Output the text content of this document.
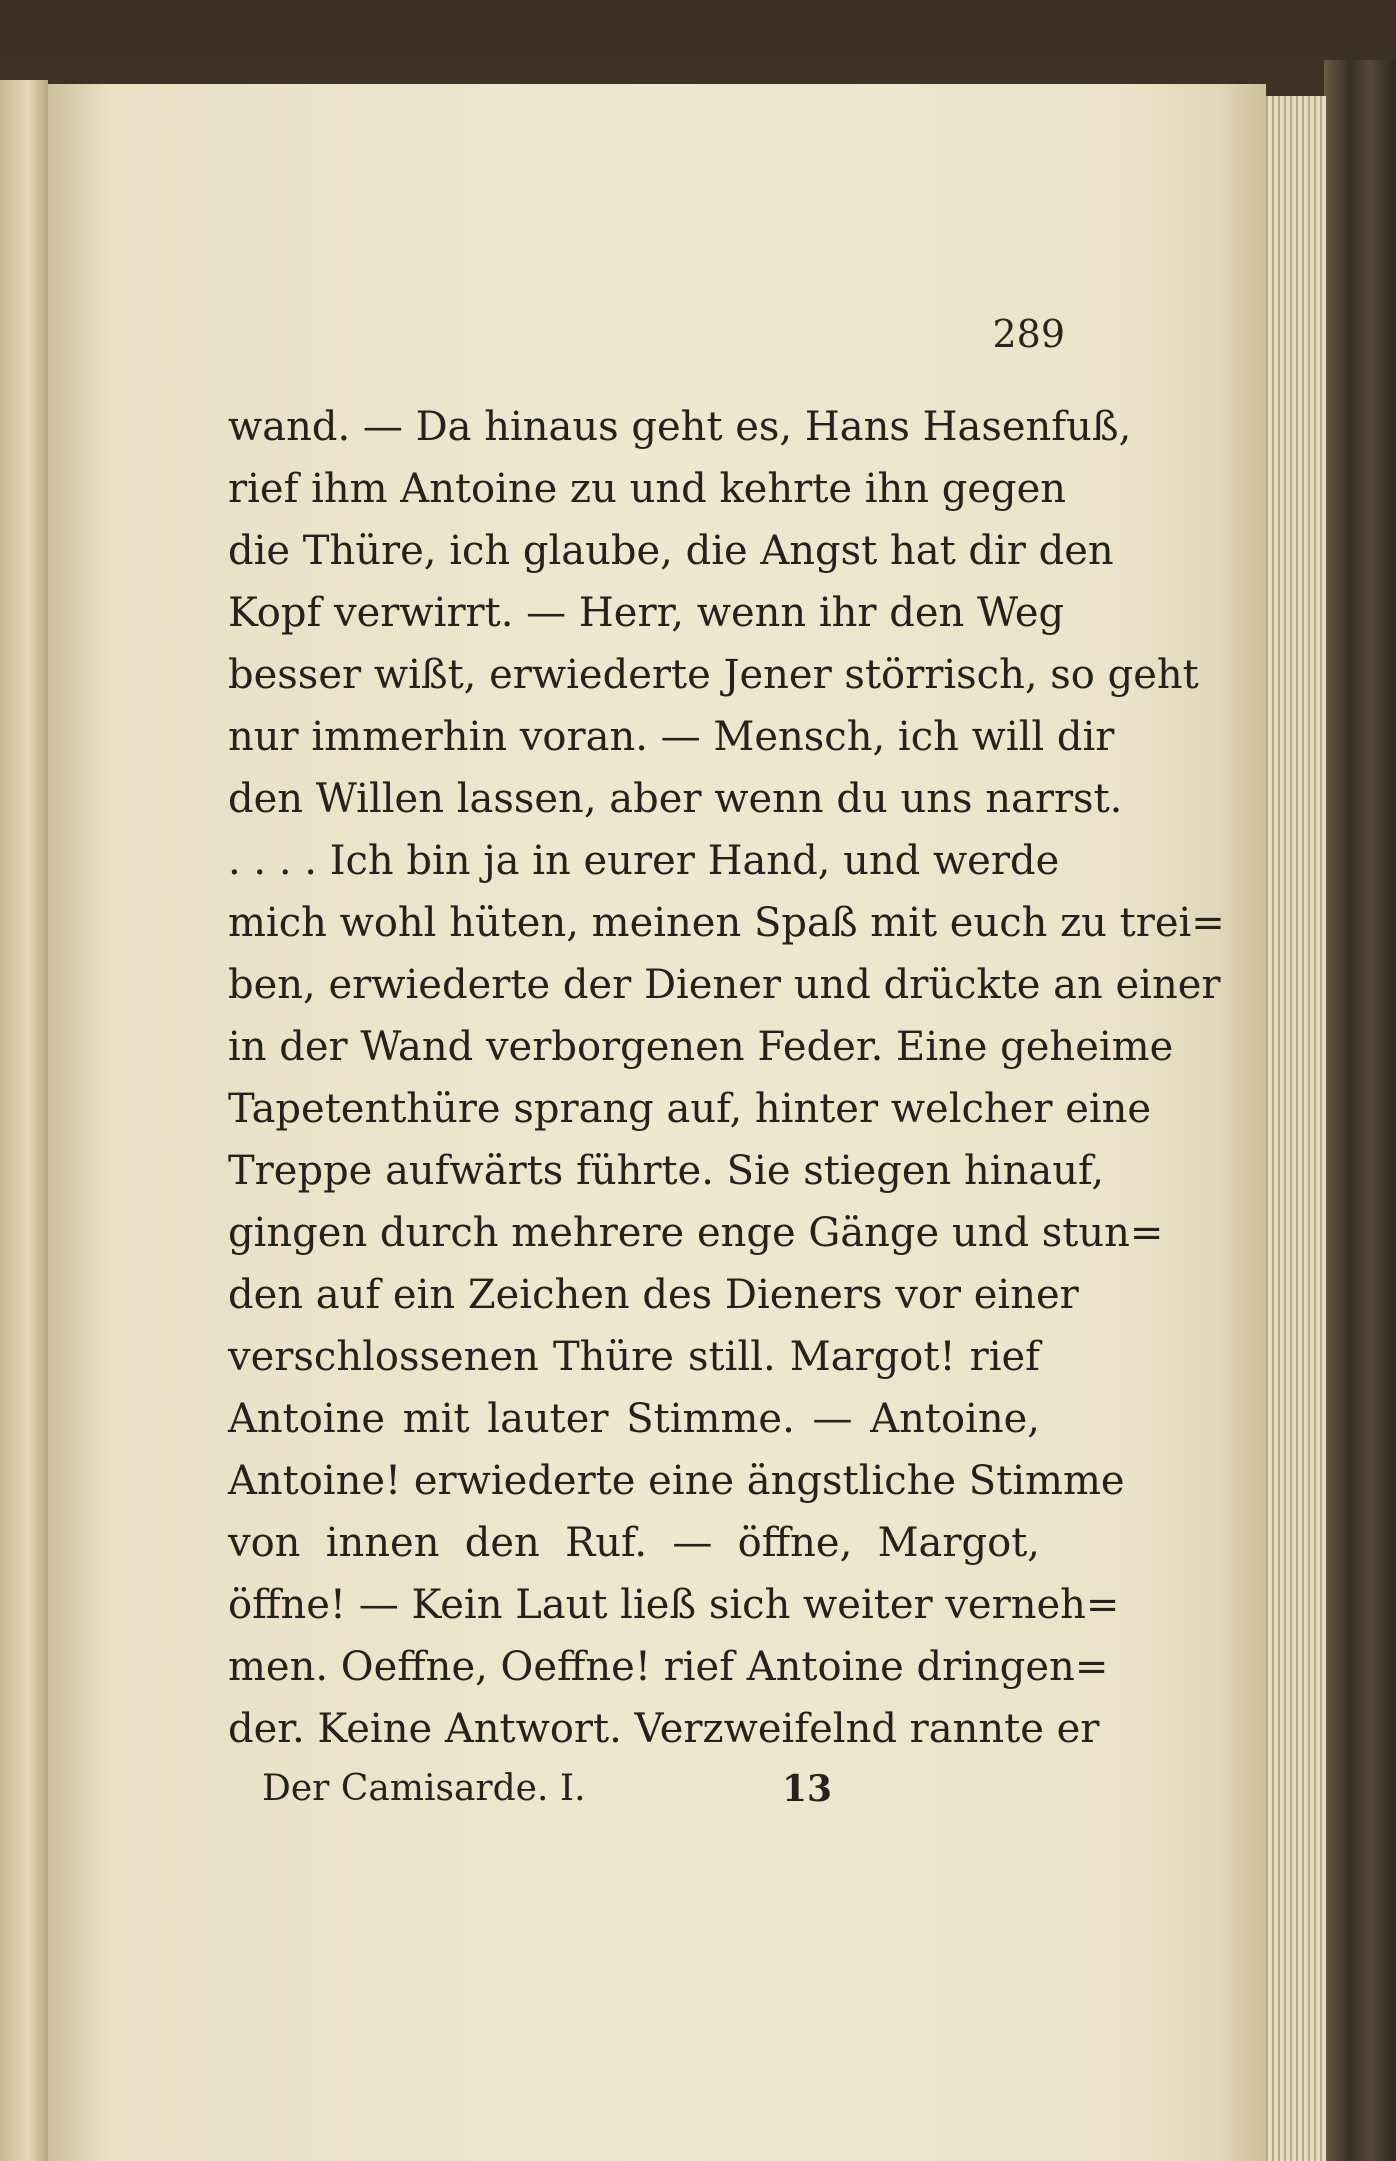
289

wand. — Da hinaus geht es, Hans Hasenfuß,
rief ihm Antoine zu und kehrte ihn gegen
die Thüre, ich glaube, die Angst hat dir den
Kopf verwirrt. — Herr, wenn ihr den Weg
besser wißt, erwiederte Jener störrisch, so geht
nur immerhin voran. — Mensch, ich will dir
den Willen lassen, aber wenn du uns narrst.
. . . . Ich bin ja in eurer Hand, und werde
mich wohl hüten, meinen Spaß mit euch zu trei=
ben, erwiederte der Diener und drückte an einer
in der Wand verborgenen Feder. Eine geheime
Tapetenthüre sprang auf, hinter welcher eine
Treppe aufwärts führte. Sie stiegen hinauf,
gingen durch mehrere enge Gänge und stun=
den auf ein Zeichen des Dieners vor einer
verschlossenen Thüre still. Margot! rief
Antoine mit lauter Stimme. — Antoine,
Antoine! erwiederte eine ängstliche Stimme
von innen den Ruf. — öffne, Margot,
öffne! — Kein Laut ließ sich weiter verneh=
men. Oeffne, Oeffne! rief Antoine dringen=
der. Keine Antwort. Verzweifelnd rannte er
Der Camisarde. I.	13
